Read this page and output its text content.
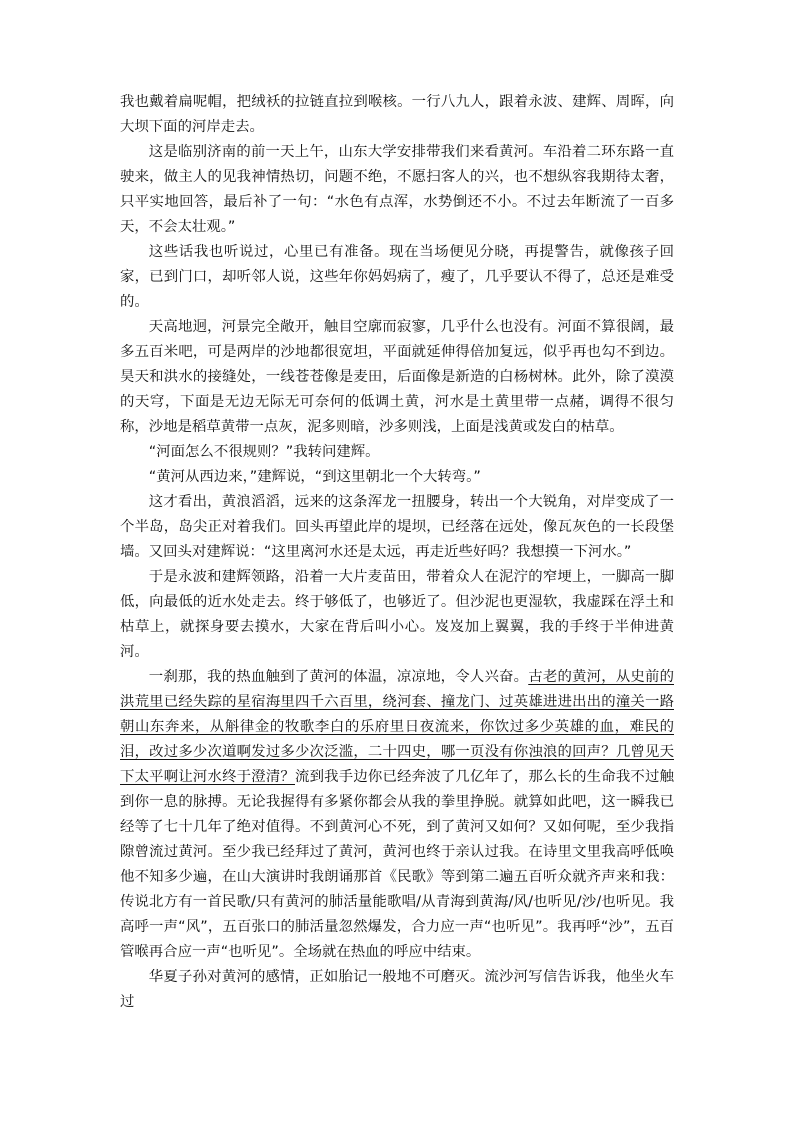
我也戴着扁呢帽，把绒袄的拉链直拉到喉核。一行八九人，跟着永波、建辉、周晖，向大坝下面的河岸走去。

这是临别济南的前一天上午，山东大学安排带我们来看黄河。车沿着二环东路一直驶来，做主人的见我神情热切，问题不绝，不愿扫客人的兴，也不想纵容我期待太奢，只平实地回答，最后补了一句：“水色有点浑，水势倒还不小。不过去年断流了一百多天，不会太壮观。”

这些话我也听说过，心里已有准备。现在当场便见分晓，再提警告，就像孩子回家，已到门口，却听邻人说，这些年你妈妈病了，瘦了，几乎要认不得了，总还是难受的。

天高地迥，河景完全敞开，触目空廓而寂寥，几乎什么也没有。河面不算很阔，最多五百米吧，可是两岸的沙地都很宽坦，平面就延伸得倍加复远，似乎再也勾不到边。昊天和洪水的接缝处，一线苍苍像是麦田，后面像是新造的白杨树林。此外，除了漠漠的天穹，下面是无边无际无可奈何的低调土黄，河水是土黄里带一点赭，调得不很匀称，沙地是稻草黄带一点灰，泥多则暗，沙多则浅，上面是浅黄或发白的枯草。

“河面怎么不很规则？”我转问建辉。

“黄河从西边来，”建辉说，“到这里朝北一个大转弯。”

这才看出，黄浪滔滔，远来的这条浑龙一扭腰身，转出一个大锐角，对岸变成了一个半岛，岛尖正对着我们。回头再望此岸的堤坝，已经落在远处，像瓦灰色的一长段堡墙。又回头对建辉说：“这里离河水还是太远，再走近些好吗？我想摸一下河水。”

于是永波和建辉领路，沿着一大片麦苗田，带着众人在泥泞的窄埂上，一脚高一脚低，向最低的近水处走去。终于够低了，也够近了。但沙泥也更湿软，我虚踩在浮土和枯草上，就探身要去摸水，大家在背后叫小心。岌岌加上翼翼，我的手终于半伸进黄河。

一刹那，我的热血触到了黄河的体温，凉凉地，令人兴奋。古老的黄河，从史前的洪荒里已经失踪的星宿海里四千六百里，绕河套、撞龙门、过英雄进进出出的潼关一路朝山东奔来，从斛律金的牧歌李白的乐府里日夜流来，你饮过多少英雄的血，难民的泪，改过多少次道啊发过多少次泛滥，二十四史，哪一页没有你浊浪的回声？几曾见天下太平啊让河水终于澄清？流到我手边你已经奔波了几亿年了，那么长的生命我不过触到你一息的脉搏。无论我握得有多紧你都会从我的拳里挣脱。就算如此吧，这一瞬我已经等了七十几年了绝对值得。不到黄河心不死，到了黄河又如何？又如何呢，至少我指隙曾流过黄河。至少我已经拜过了黄河，黄河也终于亲认过我。在诗里文里我高呼低唤他不知多少遍，在山大演讲时我朗诵那首《民歌》等到第二遍五百听众就齐声来和我：传说北方有一首民歌/只有黄河的肺活量能歌唱/从青海到黄海/风/也听见/沙/也听见。我高呼一声“风”，五百张口的肺活量忽然爆发，合力应一声“也听见”。我再呼“沙”，五百管喉再合应一声“也听见”。全场就在热血的呼应中结束。

华夏子孙对黄河的感情，正如胎记一般地不可磨灭。流沙河写信告诉我，他坐火车过
